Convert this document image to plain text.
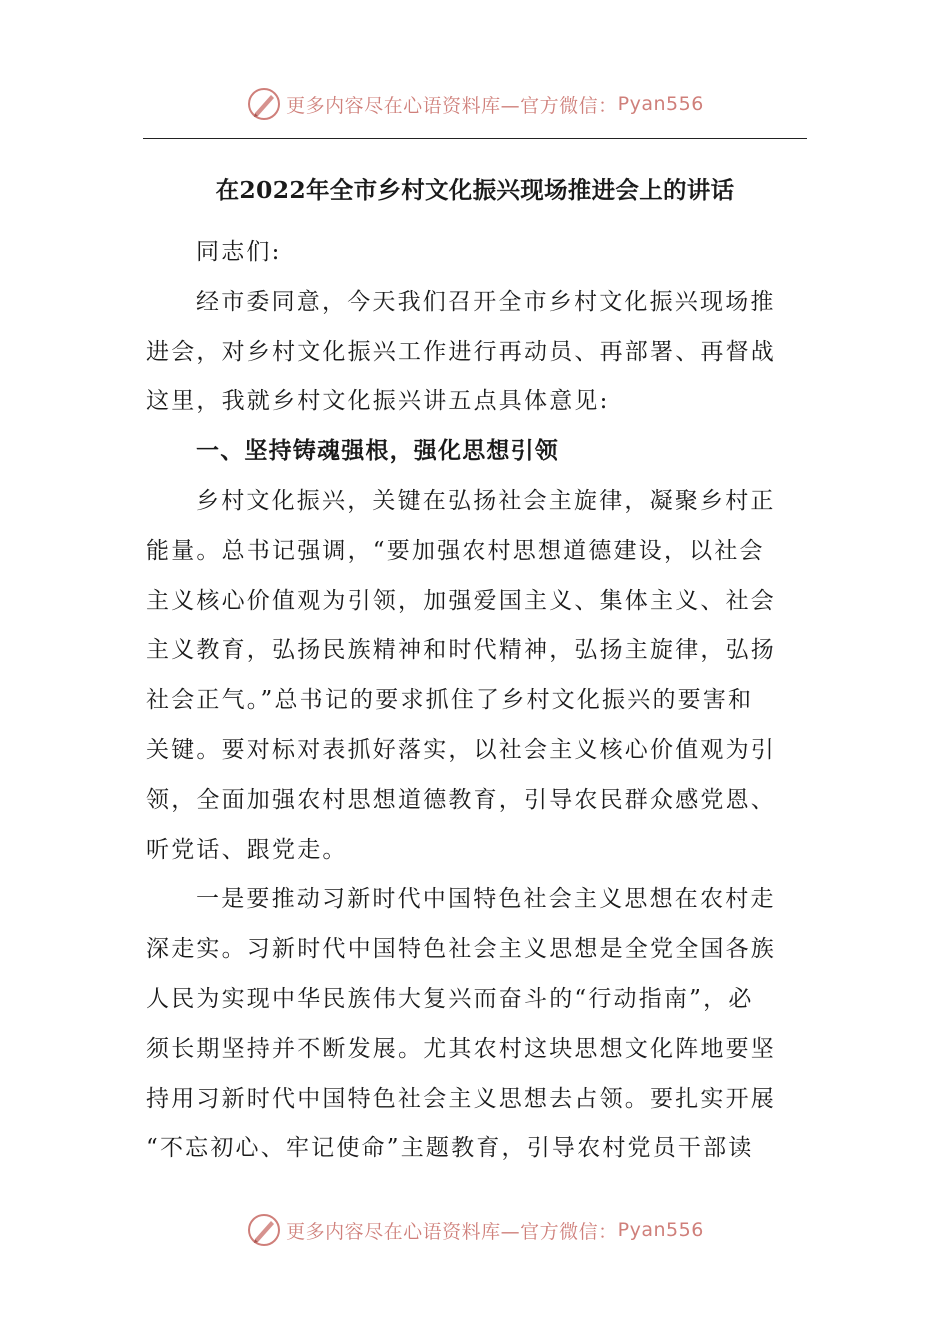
更多内容尽在心语资料库—官方微信： Pyan556
在2022年全市乡村文化振兴现场推进会上的讲话
同志们:
经市委同意，今天我们召开全市乡村文化振兴现场推
进会，对乡村文化振兴工作进行再动员、再部署、再督战
这里，我就乡村文化振兴讲五点具体意见:
一、坚持铸魂强根，强化思想引领
乡村文化振兴，关键在弘扬社会主旋律，凝聚乡村正
能量。总书记强调，“要加强农村思想道德建设，以社会
主义核心价值观为引领，加强爱国主义、集体主义、社会
主义教育，弘扬民族精神和时代精神，弘扬主旋律，弘扬
社会正气。”总书记的要求抓住了乡村文化振兴的要害和
关键。要对标对表抓好落实，以社会主义核心价值观为引
领，全面加强农村思想道德教育，引导农民群众感党恩、
听党话、跟党走。
一是要推动习新时代中国特色社会主义思想在农村走
深走实。习新时代中国特色社会主义思想是全党全国各族
人民为实现中华民族伟大复兴而奋斗的“行动指南”，必
须长期坚持并不断发展。尤其农村这块思想文化阵地要坚
持用习新时代中国特色社会主义思想去占领。要扎实开展
“不忘初心、牢记使命”主题教育，引导农村党员干部读
更多内容尽在心语资料库—官方微信： Pyan556
